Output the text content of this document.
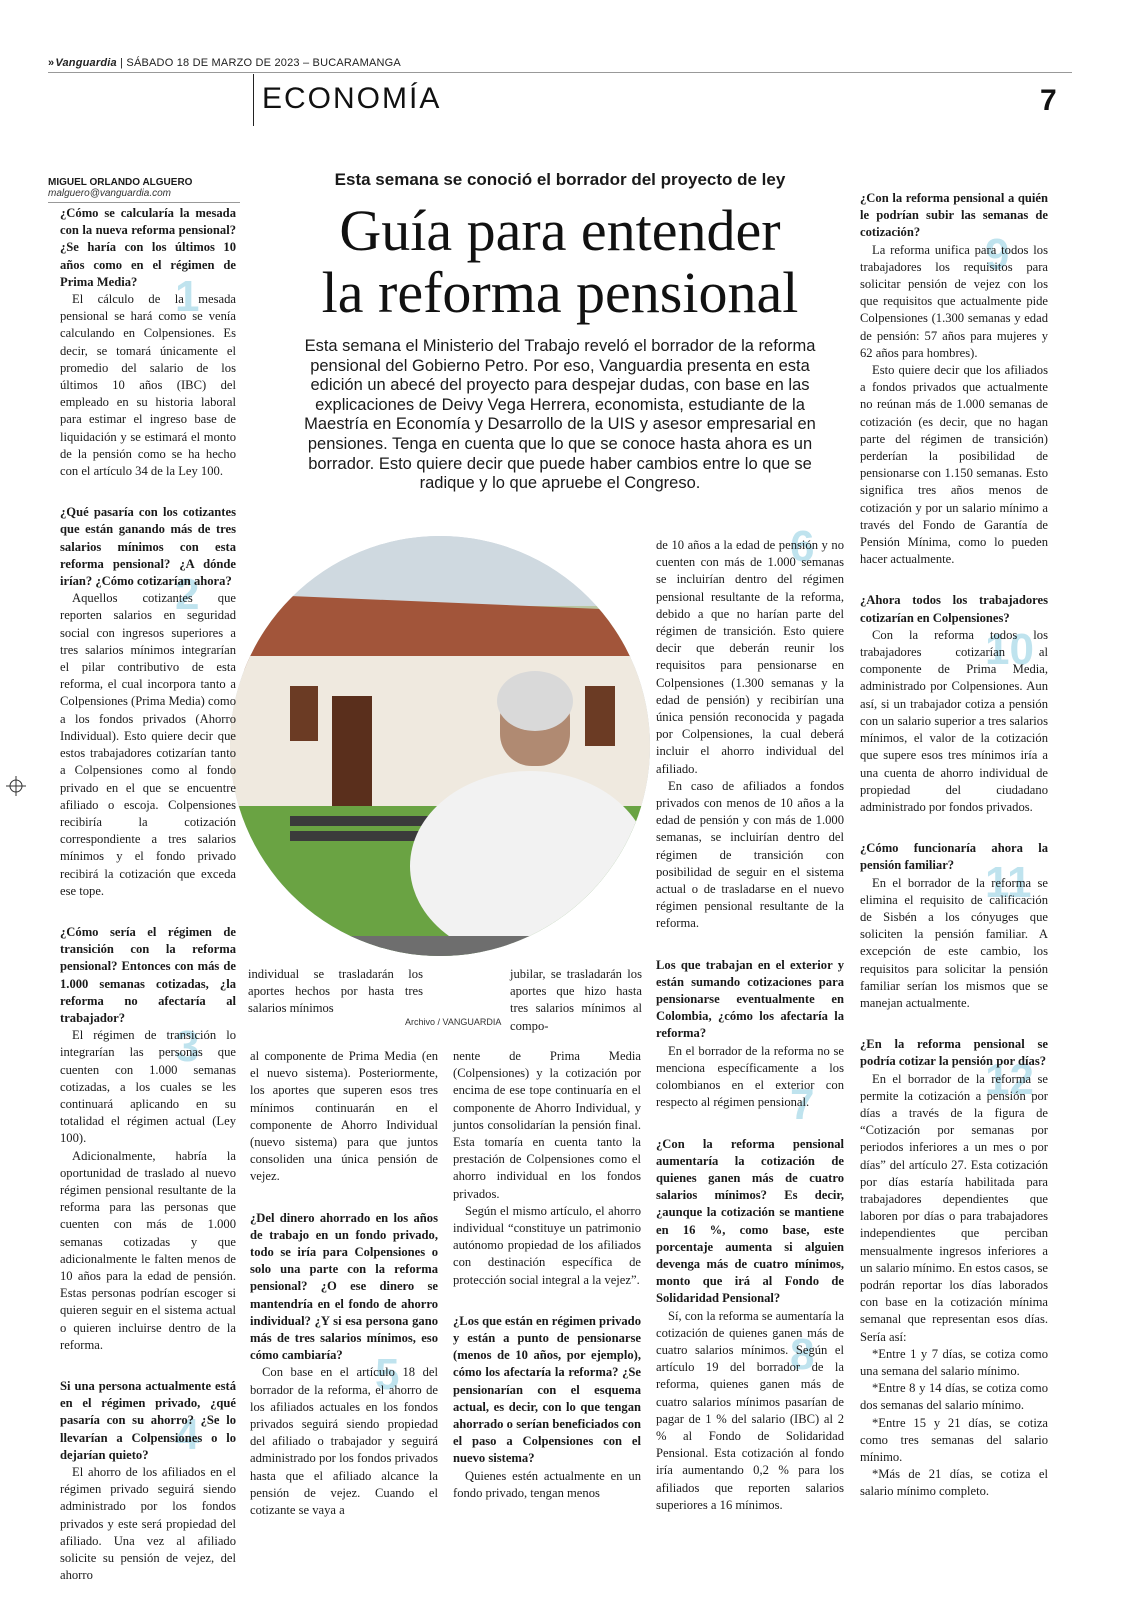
»Vanguardia | SÁBADO 18 DE MARZO DE 2023 – BUCARAMANGA
ECONOMÍA	7
MIGUEL ORLANDO ALGUERO
malguero@vanguardia.com
Esta semana se conoció el borrador del proyecto de ley
Guía para entender
la reforma pensional
Esta semana el Ministerio del Trabajo reveló el borrador de la reforma pensional del Gobierno Petro. Por eso, Vanguardia presenta en esta edición un abecé del proyecto para despejar dudas, con base en las explicaciones de Deivy Vega Herrera, economista, estudiante de la Maestría en Economía y Desarrollo de la UIS y asesor empresarial en pensiones. Tenga en cuenta que lo que se conoce hasta ahora es un borrador. Esto quiere decir que puede haber cambios entre lo que se radique y lo que apruebe el Congreso.
1
2
3
4
5
6
7
8
9
10
11
12

¿Cómo se calcularía la mesada con la nueva reforma pensional? ¿Se haría con los últimos 10 años como en el régimen de Prima Media?

El cálculo de la mesada pensional se hará como se venía calculando en Colpensiones. Es decir, se tomará únicamente el promedio del salario de los últimos 10 años (IBC) del empleado en su historia laboral para estimar el ingreso base de liquidación y se estimará el monto de la pensión como se ha hecho con el artículo 34 de la Ley 100.

¿Qué pasaría con los cotizantes que están ganando más de tres salarios mínimos con esta reforma pensional? ¿A dónde irían? ¿Cómo cotizarían ahora?

Aquellos cotizantes que reporten salarios en seguridad social con ingresos superiores a tres salarios mínimos integrarían el pilar contributivo de esta reforma, el cual incorpora tanto a Colpensiones (Prima Media) como a los fondos privados (Ahorro Individual). Esto quiere decir que estos trabajadores cotizarían tanto a Colpensiones como al fondo privado en el que se encuentre afiliado o escoja. Colpensiones recibiría la cotización correspondiente a tres salarios mínimos y el fondo privado recibirá la cotización que exceda ese tope.

¿Cómo sería el régimen de transición con la reforma pensional? Entonces con más de 1.000 semanas cotizadas, ¿la reforma no afectaría al trabajador?

El régimen de transición lo integrarían las personas que cuenten con 1.000 semanas cotizadas, a los cuales se les continuará aplicando en su totalidad el régimen actual (Ley 100).

Adicionalmente, habría la oportunidad de traslado al nuevo régimen pensional resultante de la reforma para las personas que cuenten con más de 1.000 semanas cotizadas y que adicionalmente le falten menos de 10 años para la edad de pensión. Estas personas podrían escoger si quieren seguir en el sistema actual o quieren incluirse dentro de la reforma.

Si una persona actualmente está en el régimen privado, ¿qué pasaría con su ahorro? ¿Se lo llevarían a Colpensiones o lo dejarían quieto?

El ahorro de los afiliados en el régimen privado seguirá siendo administrado por los fondos privados y este será propiedad del afiliado. Una vez al afiliado solicite su pensión de vejez, del ahorro

individual se trasladarán los aportes hechos por hasta tres salarios mínimos
jubilar, se trasladarán los aportes que hizo hasta tres salarios mínimos al compo-
Archivo / VANGUARDIA

al componente de Prima Media (en el nuevo sistema). Posteriormente, los aportes que superen esos tres mínimos continuarán en el componente de Ahorro Individual (nuevo sistema) para que juntos consoliden una única pensión de vejez.

¿Del dinero ahorrado en los años de trabajo en un fondo privado, todo se iría para Colpensiones o solo una parte con la reforma pensional? ¿O ese dinero se mantendría en el fondo de ahorro individual? ¿Y si esa persona gano más de tres salarios mínimos, eso cómo cambiaría?

Con base en el artículo 18 del borrador de la reforma, el ahorro de los afiliados actuales en los fondos privados seguirá siendo propiedad del afiliado o trabajador y seguirá administrado por los fondos privados hasta que el afiliado alcance la pensión de vejez. Cuando el cotizante se vaya a

nente de Prima Media (Colpensiones) y la cotización por encima de ese tope continuaría en el componente de Ahorro Individual, y juntos consolidarían la pensión final. Esta tomaría en cuenta tanto la prestación de Colpensiones como el ahorro individual en los fondos privados.

Según el mismo artículo, el ahorro individual “constituye un patrimonio autónomo propiedad de los afiliados con destinación específica de protección social integral a la vejez”.

¿Los que están en régimen privado y están a punto de pensionarse (menos de 10 años, por ejemplo), cómo los afectaría la reforma? ¿Se pensionarían con el esquema actual, es decir, con lo que tengan ahorrado o serían beneficiados con el paso a Colpensiones con el nuevo sistema?

Quienes estén actualmente en un fondo privado, tengan menos

de 10 años a la edad de pensión y no cuenten con más de 1.000 semanas se incluirían dentro del régimen pensional resultante de la reforma, debido a que no harían parte del régimen de transición. Esto quiere decir que deberán reunir los requisitos para pensionarse en Colpensiones (1.300 semanas y la edad de pensión) y recibirían una única pensión reconocida y pagada por Colpensiones, la cual deberá incluir el ahorro individual del afiliado.

En caso de afiliados a fondos privados con menos de 10 años a la edad de pensión y con más de 1.000 semanas, se incluirían dentro del régimen de transición con posibilidad de seguir en el sistema actual o de trasladarse en el nuevo régimen pensional resultante de la reforma.

Los que trabajan en el exterior y están sumando cotizaciones para pensionarse eventualmente en Colombia, ¿cómo los afectaría la reforma?

En el borrador de la reforma no se menciona específicamente a los colombianos en el exterior con respecto al régimen pensional.

¿Con la reforma pensional aumentaría la cotización de quienes ganen más de cuatro salarios mínimos? Es decir, ¿aunque la cotización se mantiene en 16 %, como base, este porcentaje aumenta si alguien devenga más de cuatro mínimos, monto que irá al Fondo de Solidaridad Pensional?

Sí, con la reforma se aumentaría la cotización de quienes ganen más de cuatro salarios mínimos. Según el artículo 19 del borrador de la reforma, quienes ganen más de cuatro salarios mínimos pasarían de pagar de 1 % del salario (IBC) al 2 % al Fondo de Solidaridad Pensional. Esta cotización al fondo iría aumentando 0,2 % para los afiliados que reporten salarios superiores a 16 mínimos.

¿Con la reforma pensional a quién le podrían subir las semanas de cotización?

La reforma unifica para todos los trabajadores los requisitos para solicitar pensión de vejez con los que requisitos que actualmente pide Colpensiones (1.300 semanas y edad de pensión: 57 años para mujeres y 62 años para hombres).

Esto quiere decir que los afiliados a fondos privados que actualmente no reúnan más de 1.000 semanas de cotización (es decir, que no hagan parte del régimen de transición) perderían la posibilidad de pensionarse con 1.150 semanas. Esto significa tres años menos de cotización y por un salario mínimo a través del Fondo de Garantía de Pensión Mínima, como lo pueden hacer actualmente.

¿Ahora todos los trabajadores cotizarían en Colpensiones?

Con la reforma todos los trabajadores cotizarían al componente de Prima Media, administrado por Colpensiones. Aun así, si un trabajador cotiza a pensión con un salario superior a tres salarios mínimos, el valor de la cotización que supere esos tres mínimos iría a una cuenta de ahorro individual de propiedad del ciudadano administrado por fondos privados.

¿Cómo funcionaría ahora la pensión familiar?

En el borrador de la reforma se elimina el requisito de calificación de Sisbén a los cónyuges que soliciten la pensión familiar. A excepción de este cambio, los requisitos para solicitar la pensión familiar serían los mismos que se manejan actualmente.

¿En la reforma pensional se podría cotizar la pensión por días?

En el borrador de la reforma se permite la cotización a pensión por días a través de la figura de “Cotización por semanas por periodos inferiores a un mes o por días” del artículo 27. Esta cotización por días estaría habilitada para trabajadores dependientes que laboren por días o para trabajadores independientes que perciban mensualmente ingresos inferiores a un salario mínimo. En estos casos, se podrán reportar los días laborados con base en la cotización mínima semanal que representan esos días. Sería así:

*Entre 1 y 7 días, se cotiza como una semana del salario mínimo.

*Entre 8 y 14 días, se cotiza como dos semanas del salario mínimo.

*Entre 15 y 21 días, se cotiza como tres semanas del salario mínimo.

*Más de 21 días, se cotiza el salario mínimo completo.
